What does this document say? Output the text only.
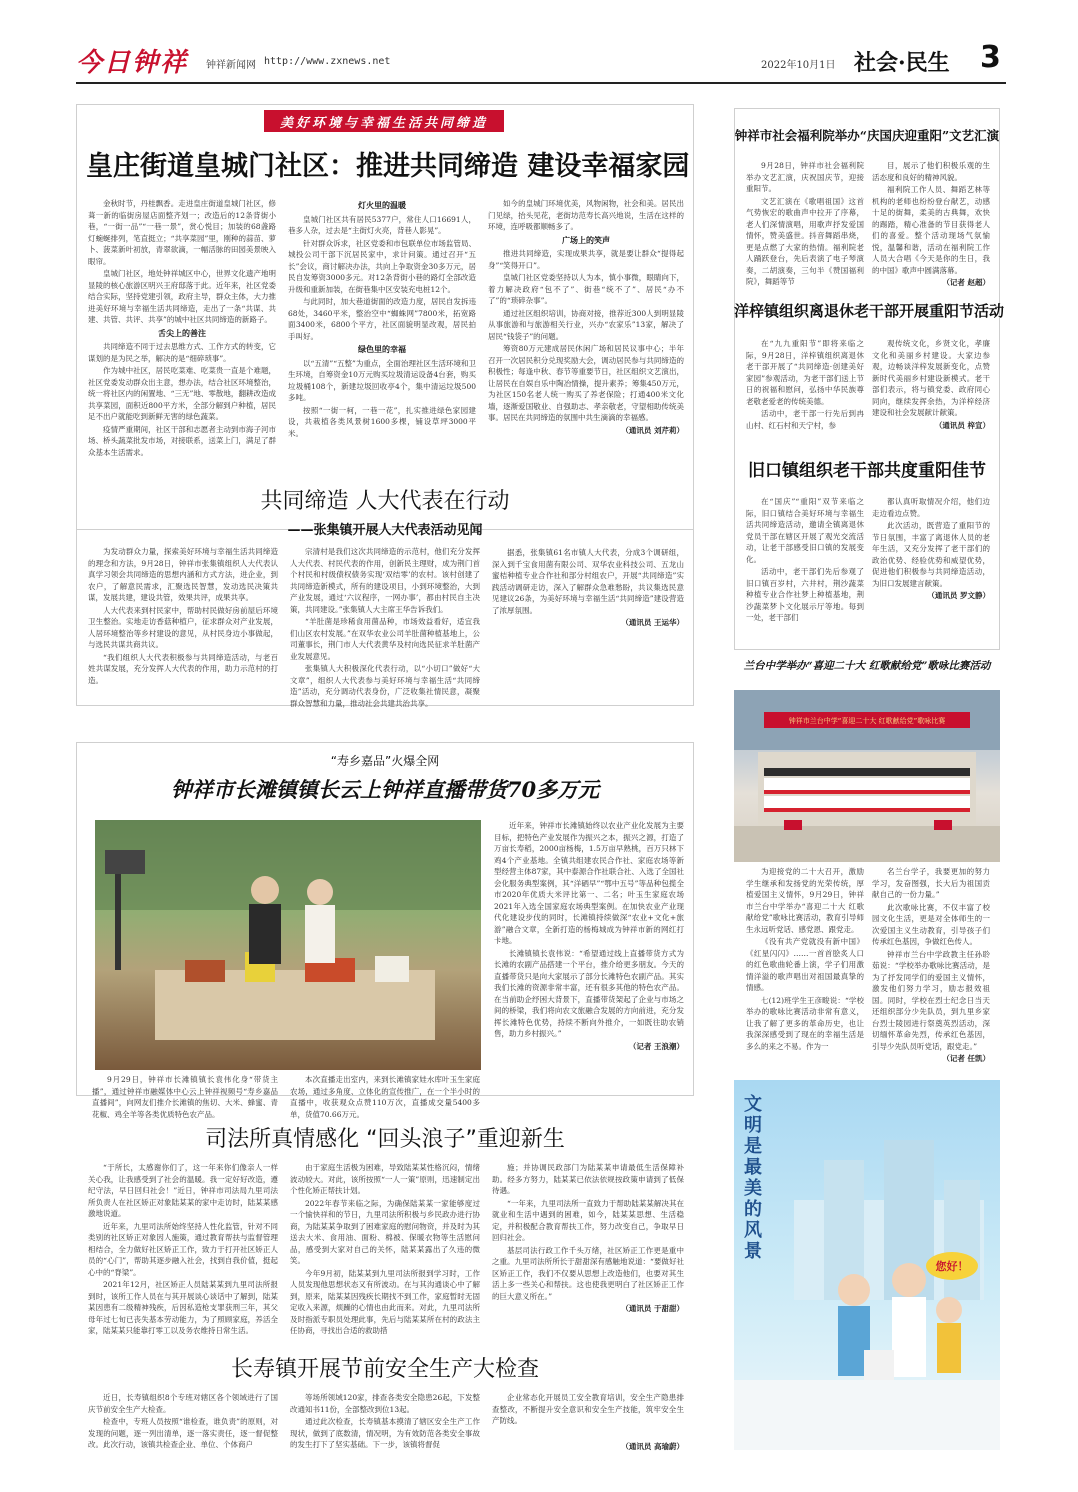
今日钟祥 钟祥新闻网 http://www.zxnews.net	2022年10月1日 社会·民生 3
美好环境与幸福生活共同缔造
皇庄街道皇城门社区：推进共同缔造 建设幸福家园

金秋时节，丹桂飘香。走进皇庄街道皇城门社区，修葺一新的临街房屋店面整齐划一；改造后的12条背街小巷，“一街一品”“一巷一景”，赏心悦目；加装的68盏路灯蜿蜒排列，笔直挺立；“共享菜园”里，刚种的蒜苗、萝卜、菠菜新叶初放，青翠欲滴，一幅活脉的田园美景映入眼帘。

皇城门社区，地处钟祥城区中心，世界文化遗产地明显陵的核心旅游区明兴王府邸落于此。近年来，社区党委结合实际，坚持党建引领，政府主导，群众主体，大力推进美好环境与幸福生活共同缔造，走出了一条“共谋、共建、共管、共评、共享”的城中社区共同缔造的新路子。

舌尖上的善注

共同缔造不同于过去思维方式、工作方式的转变，它谋划的是为民之举，解决的是“细碎琐事”。

作为城中社区，居民吃菜难、吃菜贵一直是个难题，社区党委发动群众出主意，想办法，结合社区环境整治，统一将社区内的闲置地、“三无”地、零散地，翻耕改造成共享菜园，面积近800平方米，全部分解到户种植，居民足不出户就能吃到新鲜无害的绿色蔬菜。

疫情严重期间，社区干部和志愿者主动到市海子河市场、桥头蔬菜批发市场，对接联系，送菜上门，满足了群众基本生活需求。

灯火里的温暖

皇城门社区共有居民5377户，常住人口16691人，巷多人杂，过去是“主街灯火亮，背巷人影晃”。

针对群众诉求，社区党委和市包联单位市场监管局、城投公司干部下沉居民家中，求计问策。通过召开“五长”会议，商讨解决办法，共向上争取资金30多万元，居民自发筹资3000多元。对12条背街小巷的路灯全部改造升级和重新加装，在街巷集中区安装充电桩12个。

与此同时，加大巷道街面的改造力度，居民自发拆违68处，3460平米，整治空中“蜘蛛网”7800米，拓宽路面3400米，6800个平方，社区面貌明显改观，居民拍手叫好。

绿色里的幸福

以“五清”“五整”为重点，全面治理社区生活环境和卫生环境，自筹资金10万元购买垃圾清运设备4台套，购买垃圾桶108个，新建垃圾回收亭4个，集中清运垃圾500多吨。

按照“一街一柯，一巷一花”，扎实推进绿色家园建设，共栽植各类风景树1600多棵，铺设草坪3000平米。

如今的皇城门环境优美，风物闲物，社会和美。居民出门见绿，抬头见花，老街坊范寿长高兴地说，生活在这样的环境，连呼吸都顺畅多了。

广场上的笑声

推进共同缔造，实现成果共享，就是要让群众“提得起身”“笑得开口”。

皇城门社区党委坚持以人为本，慎小事微，眼睛向下，着力解决政府“包不了”、街巷“统不了”、居民“办不了”的“琐碎杂事”。

通过社区组织培训，协商对接，推荐近300人到明显陵从事旅游和与旅游相关行业，兴办“农家乐”13家，解决了居民“钱袋子”的问题。

筹资80万元建成居民休闲广场和居民议事中心；半年召开一次居民积分兑现奖励大会，调动居民参与共同缔造的积极性；每逢中秋、春节等重要节日，社区组织文艺演出，让居民在自娱自乐中陶冶情操，提升素养；筹集450万元，为社区150名老人统一购买了养老保险；打通400米文化墙，逐渐爱国敬业、自强助志、孝亲敬老，守望相助传统美事。居民在共同缔造的氛围中共生滴滴的幸福感。

（通讯员 刘芹莉）
共同缔造 人大代表在行动
——张集镇开展人大代表活动见闻

为发动群众力量，探索美好环境与幸福生活共同缔造的理念和方法，9月28日，钟祥市张集镇组织人大代表认真学习领会共同缔造的思想内涵和方式方法，进企业，到农户，了解意民需求，汇聚选民智慧，发动选民决策共谋，发展共建，建设共管，效果共评，成果共享。

人大代表来到村民家中，帮助村民做好房前屋后环境卫生整治。实地走访香菇种植户，征求群众对产业发展，人居环境整治等乡村建设的意见，从村民身边小事做起，与选民共谋共商共议。

“我们组织人大代表积极参与共同缔造活动，与老百姓共谋发展，充分发挥人大代表的作用，助力示范村的打造。

宗清村是我们这次共同缔造的示范村，他们充分发挥人大代表、村民代表的作用，创新民主理财，成为荆门首个村民和村级债权债务实现‘双结零’的农村。该村创建了共同缔造新模式，所有的建设项目，小到环境整治，大到产业发展，通过‘六议程序，一网办事’，都由村民自主决策，共同建设。”张集镇人大主席王华告诉我们。

“羊肚菌是珍稀食用菌品种，市场效益看好，适宜我们山区农村发展。”在双华农业公司羊肚菌种植基地上，公司董事长，荆门市人大代表黄华及村向选民征求羊肚菌产业发展意见。

张集镇人大积极深化代表行动，以“小切口”做好“大文章”，组织人大代表参与美好环境与幸福生活“共同缔造”活动，充分调动代表身份，广泛收集社情民意，凝聚群众智慧和力量，推动社会共建共治共享。

据悉，张集镇61名市镇人大代表，分成3个调研组，深入到千宝食用菌有限公司、双华农业科技公司、五龙山蜜桔种植专业合作社和部分村组农户，开展“共同缔造”实践活动调研走访，深入了解群众急难愁盼，共议集选民意见建议26条，为美好环境与幸福生活“共同缔造”建设营造了浓厚氛围。

（通讯员 王运华）
“寿乡嘉品”火爆全网
钟祥市长滩镇镇长云上钟祥直播带货70多万元

9月29日，钟祥市长滩镇镇长袁伟化身“带货主播”，通过钟祥市融媒体中心云上钟祥视频号“寿乡嘉品直播间”，向网友们推介长滩镇的焦切、大米、蜂蜜、青花椒、鸡全羊等各类优质特色农产品。

本次直播走出室内，来到长滩镇家娃水库叶玉生家庭农场，通过多角度、立体化的宣传推广，在一个半小时的直播中，收获观众点赞110万次，直播成交量5400多单，货值70.66万元。

近年来，钟祥市长滩镇始终以农业产业化发展为主要目标，把特色产业发展作为振兴之本，振兴之源，打造了万亩长寿稻，2000亩杨梅，1.5万亩早熟桃，百万只林下鸡4个产业基地。全镇共组建农民合作社、家庭农场等新型经营主体87家，其中泰源合作社联合社、入选了全国社会化服务典型案例，其“洋硒早”“鄂中五号”等品种包揽全市2020年优质大米评比第一、二名；叶玉生家庭农场2021年入选全国家庭农场典型案例。在加快农业产业现代化建设步伐的同时，长滩镇持续做深“农业+文化+旅游”融合文章，全新打造的杨梅城成为钟祥市新的网红打卡地。

长滩镇镇长袁伟说：“希望通过线上直播带货方式为长滩的农副产品搭建一个平台，推介给更多朋友。今天的直播带货只是向大家展示了部分长滩特色农副产品。其实我们长滩的资源非常丰富，还有很多其他的特色农产品。在当前助企纾困大背景下，直播带货架起了企业与市场之间的桥梁，我们将向农文旅融合发展的方向前进，充分发挥长滩特色优势，持续不断向外推介，一如既往助农销售，助力乡村振兴。”

（记者 王浪潮）
司法所真情感化 “回头浪子”重迎新生

“于所长，太感谢你们了，这一年来你们像亲人一样关心我，让我感受到了社会的温暖。我一定好好改造，遵纪守法，早日回归社会！”近日，钟祥市司法局九里司法所负责人在社区矫正对象陆某某的家中走访时，陆某某感激地说道。

近年来，九里司法所始终坚持人性化监管，针对不同类别的社区矫正对象因人施策，通过教育帮扶与监督管理相结合，全力做好社区矫正工作，致力于打开社区矫正人员的“心门”，帮助其逐步融入社会，找到自我价值，挺起心中的“脊梁”。

2021年12月，社区矫正人员陆某某到九里司法所报到时，该所工作人员在与其开展谈心谈话中了解到，陆某某因患有二级精神残疾，后因私造枪支罪获刑三年，其父母年过七旬已丧失基本劳动能力，为了照顾家庭，养活全家，陆某某只能靠打零工以及务农维持日常生活。

由于家庭生活极为困难，导致陆某某性格沉闷，情绪波动较大。对此，该所按照“一人一策”原则，迅速制定出个性化矫正帮扶计划。

2022年春节来临之际，为确保陆某某一家能够度过一个愉快祥和的节日，九里司法所积极与乡民政办进行协商，为陆某某争取到了困难家庭的慰问物资，并及时为其送去大米、食用油、面粉、棉被、保暖衣物等生活慰问品，感受到大家对自己的关怀，陆某某露出了久违的微笑。

今年9月初，陆某某到九里司法所报到学习时，工作人员发现他思想状态又有所波动。在与其沟通谈心中了解到，原来，陆某某因残疾长期找不到工作，家庭暂时无固定收入来源，烦躁的心情也由此而来。对此，九里司法所及时指派专职员处理此事，先后与陆某某所在村的政法主任协商，寻找出合适的救助措

施；并协调民政部门为陆某某申请最低生活保障补助。经多方努力，陆某某已依法依规按政策申请到了低保待遇。

“一年来，九里司法所一直致力于帮助陆某某解决其在就业和生活中遇到的困难，如今，陆某某思想、生活稳定，并积极配合教育帮扶工作，努力改变自己，争取早日回归社会。

基层司法行政工作千头万绪，社区矫正工作更是重中之重。九里司法所所长于甜甜深有感触地说道：“要做好社区矫正工作，我们不仅要从思想上改造他们，也要对其生活上多一些关心和帮扶。这也使我更明白了社区矫正工作的巨大意义所在。”

（通讯员 于甜甜）
长寿镇开展节前安全生产大检查

近日，长寿镇组织8个专班对辖区各个领域进行了国庆节前安全生产大检查。

检查中，专班人员按照“谁检查，谁负责”的原则，对发现的问题，逐一列出清单，逐一落实责任，逐一督促整改。此次行动，该镇共检查企业、单位、个体商户

等场所领域120家，排查各类安全隐患26起，下发整改通知书11份，全部整改到位13起。

通过此次检查，长寿镇基本摸清了辖区安全生产工作现状，做到了底数清，情况明，为有效防范各类安全事故的发生打下了坚实基础。下一步，该镇将督促

企业常态化开展员工安全教育培训，安全生产隐患排查整改，不断提升安全意识和安全生产技能，筑牢安全生产防线。

（通讯员 高瑜蔚）
钟祥市社会福利院举办“庆国庆迎重阳”文艺汇演

9月28日，钟祥市社会福利院举办文艺汇演，庆祝国庆节，迎接重阳节。

文艺汇演在《歌唱祖国》这首气势恢宏的歌曲声中拉开了序幕，老人们深情演唱，用歌声抒发爱国情怀，赞美盛世。抖音舞蹈串烧，更是点燃了大家的热情。福利院老人踊跃登台，先后表演了电子琴演奏，二胡演奏，三句半《赞国福利院》，舞蹈等节

目，展示了他们积极乐观的生活态度和良好的精神风貌。

福利院工作人员、舞蹈艺林等机构的老师也纷纷登台献艺，动感十足的街舞，柔美的古典舞，欢快的踢踏，精心准备的节目获得老人们的喜爱。整个活动现场气氛愉悦，温馨和谐，活动在福利院工作人员大合唱《今天是你的生日，我的中国》歌声中圆满落幕。

（记者 赵超）
洋梓镇组织离退休老干部开展重阳节活动

在“九九重阳节”即将来临之际，9月28日，洋梓镇组织离退休老干部开展了“共同缔造·创建美好家园”参观活动，为老干部们送上节日的祝福和慰问，弘扬中华民族尊老敬老爱老的传统美德。

活动中，老干部一行先后到冉山村、红石村和天宁村，参

观传统文化，乡贤文化，孝廉文化和美丽乡村建设。大家边参观，边畅谈洋梓发展新变化，点赞新时代美丽乡村建设新模式。老干部们表示，将与镇党委、政府同心同向，继续发挥余热，为洋梓经济建设和社会发展献计献策。

（通讯员 梓宣）
旧口镇组织老干部共度重阳佳节

在“国庆”“重阳”双节来临之际，旧口镇结合美好环境与幸福生活共同缔造活动，邀请全镇离退休党员干部在辖区开展了观光交流活动，让老干部感受旧口镇的发展变化。

活动中，老干部们先后参观了旧口镇百岁村，六井村，荆沙蔬菜种植专业合作社梦上种植基地，荆沙蔬菜梦卜文化展示厅等地。每到一处，老干部们

都认真听取情况介绍，他们边走边看边点赞。

此次活动，既营造了重阳节的节日氛围，丰富了离退休人员的老年生活，又充分发挥了老干部们的政治优势、经验优势和威望优势，促进他们积极参与共同缔造活动，为旧口发展建言献策。

（通讯员 罗文静）
兰台中学举办“喜迎二十大 红歌献给党”歌咏比赛活动
钟祥市兰台中学“喜迎二十大 红歌献给党”歌咏比赛

为迎接党的二十大召开，激励学生继承和发扬党的光荣传统，厚植爱国主义情怀，9月29日，钟祥市兰台中学举办“喜迎二十大 红歌献给党”歌咏比赛活动，教育引导师生永远听党话、感党恩、跟党走。

《没有共产党就没有新中国》《红星闪闪》……一首首脍炙人口的红色歌曲轮番上演，学子们用激情洋溢的歌声唱出对祖国最真挚的情感。

七(12)班学生王彦畯说：“学校举办的歌咏比赛活动非常有意义，让我了解了更多的革命历史，也让我深深感受到了现在的幸福生活是多么的来之不易。作为一

名兰台学子，我要更加的努力学习，发奋图强，长大后为祖国贡献自己的一份力量。”

此次歌咏比赛，不仅丰富了校园文化生活，更是对全体师生的一次爱国主义生动教育，引导孩子们传承红色基因，争做红色传人。

钟祥市兰台中学政教主任孙聆茹说：“学校举办歌咏比赛活动，是为了抒发同学们的爱国主义情怀，激发他们努力学习，励志报效祖国。同时，学校在烈士纪念日当天还组织部分少先队员，到九里乡家台烈士陵园进行祭奠英烈活动，深切缅怀革命先烈，传承红色基因，引导少先队员听党话，跟党走。”

（记者 任凯）
文明是最美的风景
您好！
